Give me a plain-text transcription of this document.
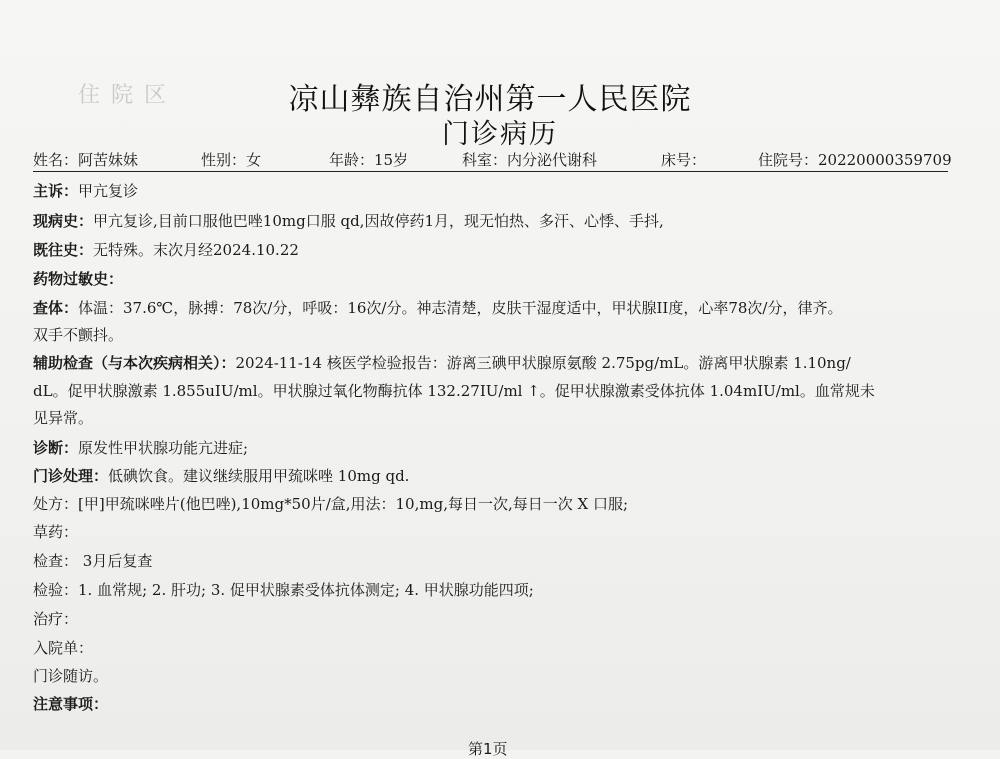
住 院 区	凉山彝族自治州第一人民医院
门诊病历
姓名：阿苦妹妹	性别：女	年龄：15岁	科室：内分泌代谢科	床号：	住院号：20220000359709
主诉：甲亢复诊
现病史：甲亢复诊,目前口服他巴唑10mg口服 qd,因故停药1月，现无怕热、多汗、心悸、手抖,
既往史：无特殊。末次月经2024.10.22
药物过敏史：
查体：体温：37.6℃，脉搏：78次/分，呼吸：16次/分。神志清楚，皮肤干湿度适中，甲状腺II度，心率78次/分，律齐。
双手不颤抖。
辅助检查（与本次疾病相关）：2024-11-14 核医学检验报告：游离三碘甲状腺原氨酸 2.75pg/mL。游离甲状腺素 1.10ng/
dL。促甲状腺激素 1.855uIU/ml。甲状腺过氧化物酶抗体 132.27IU/ml ↑。促甲状腺激素受体抗体 1.04mIU/ml。血常规未
见异常。
诊断：原发性甲状腺功能亢进症;
门诊处理：低碘饮食。建议继续服用甲巯咪唑 10mg qd.
处方：[甲]甲巯咪唑片(他巴唑),10mg*50片/盒,用法：10,mg,每日一次,每日一次 X 口服;
草药：
检查： 3月后复查
检验：1. 血常规; 2. 肝功; 3. 促甲状腺素受体抗体测定; 4. 甲状腺功能四项;
治疗：
入院单：
门诊随访。
注意事项：
第1页
